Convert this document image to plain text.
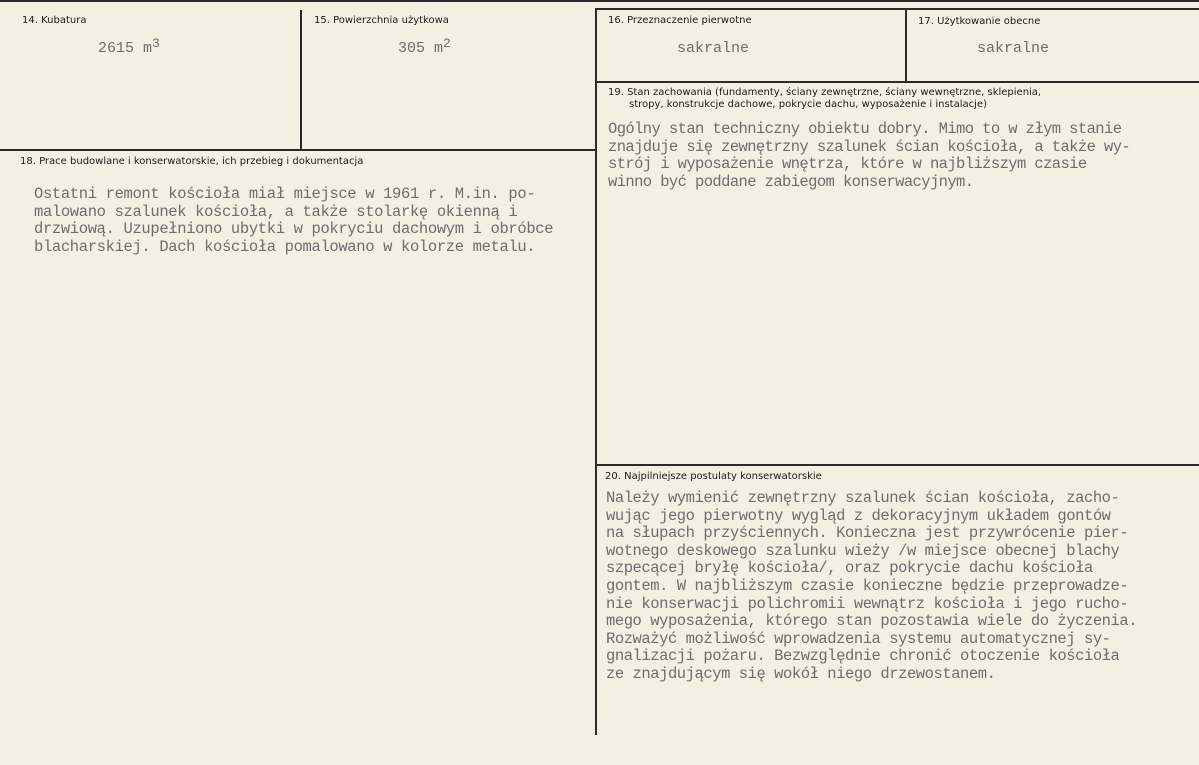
14. Kubatura
2615 $m^3$
15. Powierzchnia użytkowa
305 $m^2$
16. Przeznaczenie pierwotne
sakralne
17. Użytkowanie obecne
sakralne
19. Stan zachowania (fundamenty, ściany zewnętrzne, ściany wewnętrzne, sklepienia,
stropy, konstrukcje dachowe, pokrycie dachu, wyposażenie i instalacje)
Ogólny stan techniczny obiektu dobry. Mimo to w złym stanie
znajduje się zewnętrzny szalunek ścian kościoła, a także wy-
strój i wyposażenie wnętrza, które w najbliższym czasie
winno być poddane zabiegom konserwacyjnym.
18. Prace budowlane i konserwatorskie, ich przebieg i dokumentacja
Ostatni remont kościoła miał miejsce w 1961 r. M.in. po-
malowano szalunek kościoła, a także stolarkę okienną i
drzwiową. Uzupełniono ubytki w pokryciu dachowym i obróbce
blacharskiej. Dach kościoła pomalowano w kolorze metalu.
20. Najpilniejsze postulaty konserwatorskie
Należy wymienić zewnętrzny szalunek ścian kościoła, zacho-
wując jego pierwotny wygląd z dekoracyjnym układem gontów
na słupach przyściennych. Konieczna jest przywrócenie pier-
wotnego deskowego szalunku wieży /w miejsce obecnej blachy
szpecącej bryłę kościoła/, oraz pokrycie dachu kościoła
gontem. W najbliższym czasie konieczne będzie przeprowadze-
nie konserwacji polichromii wewnątrz kościoła i jego rucho-
mego wyposażenia, którego stan pozostawia wiele do życzenia.
Rozważyć możliwość wprowadzenia systemu automatycznej sy-
gnalizacji pożaru. Bezwzględnie chronić otoczenie kościoła
ze znajdującym się wokół niego drzewostanem.
